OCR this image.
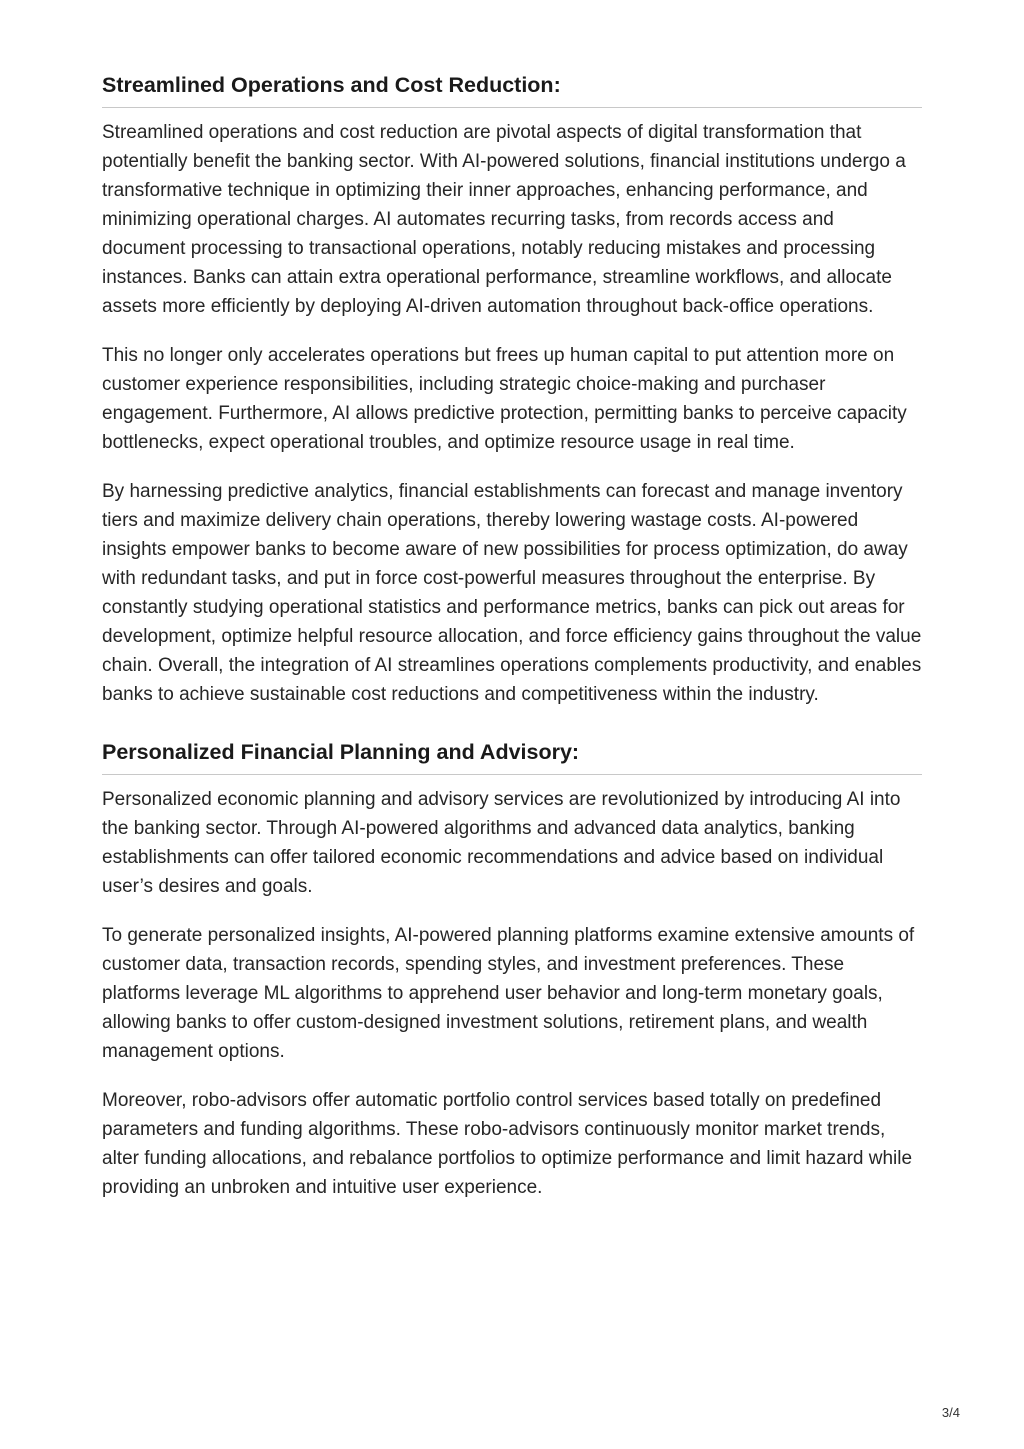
Streamlined Operations and Cost Reduction:

Streamlined operations and cost reduction are pivotal aspects of digital transformation that potentially benefit the banking sector. With AI-powered solutions, financial institutions undergo a transformative technique in optimizing their inner approaches, enhancing performance, and minimizing operational charges. AI automates recurring tasks, from records access and document processing to transactional operations, notably reducing mistakes and processing instances. Banks can attain extra operational performance, streamline workflows, and allocate assets more efficiently by deploying AI-driven automation throughout back-office operations.

This no longer only accelerates operations but frees up human capital to put attention more on customer experience responsibilities, including strategic choice-making and purchaser engagement. Furthermore, AI allows predictive protection, permitting banks to perceive capacity bottlenecks, expect operational troubles, and optimize resource usage in real time.

By harnessing predictive analytics, financial establishments can forecast and manage inventory tiers and maximize delivery chain operations, thereby lowering wastage costs. AI-powered insights empower banks to become aware of new possibilities for process optimization, do away with redundant tasks, and put in force cost-powerful measures throughout the enterprise. By constantly studying operational statistics and performance metrics, banks can pick out areas for development, optimize helpful resource allocation, and force efficiency gains throughout the value chain. Overall, the integration of AI streamlines operations complements productivity, and enables banks to achieve sustainable cost reductions and competitiveness within the industry.

Personalized Financial Planning and Advisory:

Personalized economic planning and advisory services are revolutionized by introducing AI into the banking sector. Through AI-powered algorithms and advanced data analytics, banking establishments can offer tailored economic recommendations and advice based on individual user’s desires and goals.

To generate personalized insights, AI-powered planning platforms examine extensive amounts of customer data, transaction records, spending styles, and investment preferences. These platforms leverage ML algorithms to apprehend user behavior and long-term monetary goals, allowing banks to offer custom-designed investment solutions, retirement plans, and wealth management options.

Moreover, robo-advisors offer automatic portfolio control services based totally on predefined parameters and funding algorithms. These robo-advisors continuously monitor market trends, alter funding allocations, and rebalance portfolios to optimize performance and limit hazard while providing an unbroken and intuitive user experience.

3/4
